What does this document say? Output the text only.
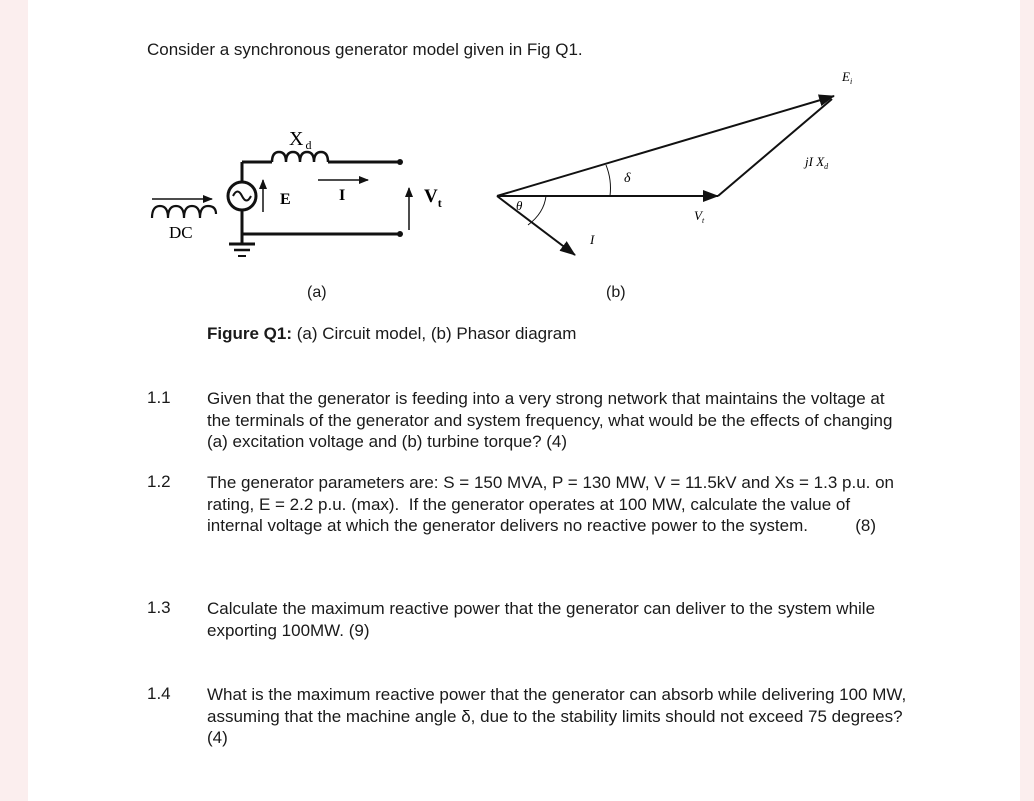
Consider a synchronous generator model given in Fig Q1.
X $_d$
E	I	$V_t$
DC
$E_i$
jI $X_d$
δ
θ
$V_t$
I
(a)	(b)
Figure Q1: (a) Circuit model, (b) Phasor diagram
1.1 Given that the generator is feeding into a very strong network that maintains the voltage at the terminals of the generator and system frequency, what would be the effects of changing (a) excitation voltage and (b) turbine torque? (4)
1.2 The generator parameters are: S = 150 MVA, P = 130 MW, V = 11.5kV and Xs = 1.3 p.u. on rating, E = 2.2 p.u. (max).  If the generator operates at 100 MW, calculate the value of internal voltage at which the generator delivers no reactive power to the system.          (8)
1.3 Calculate the maximum reactive power that the generator can deliver to the system while exporting 100MW. (9)
1.4 What is the maximum reactive power that the generator can absorb while delivering 100 MW, assuming that the machine angle δ, due to the stability limits should not exceed 75 degrees? (4)
